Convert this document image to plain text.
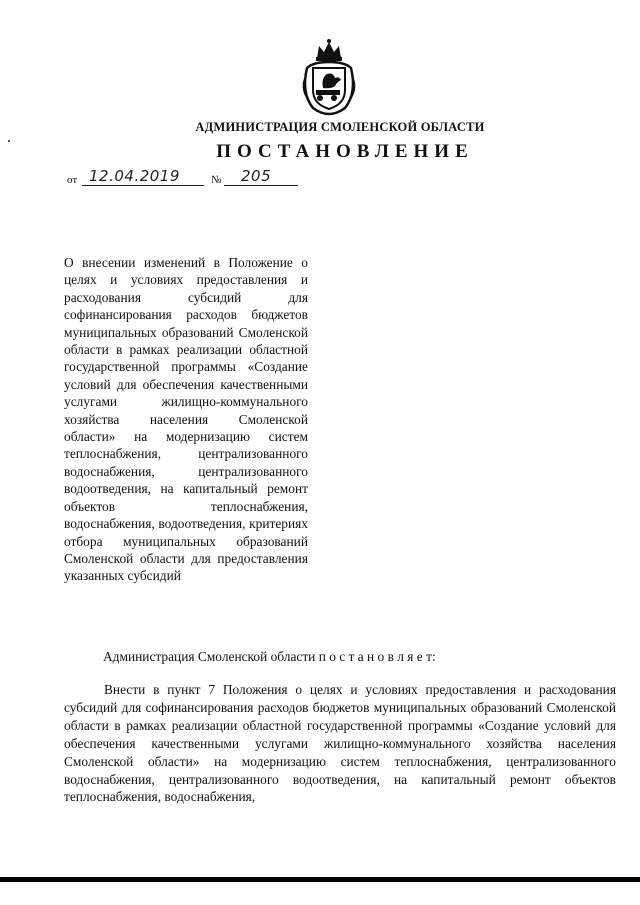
АДМИНИСТРАЦИЯ СМОЛЕНСКОЙ ОБЛАСТИ
ПОСТАНОВЛЕНИЕ
от 12.04.2019	№ 205
О внесении изменений в Положение о целях и условиях предоставления и расходования субсидий для софинансирования расходов бюджетов муниципальных образований Смоленской области в рамках реализации областной государственной программы «Создание условий для обеспечения качественными услугами жилищно-коммунального хозяйства населения Смоленской области» на модернизацию систем теплоснабжения, централизованного водоснабжения, централизованного водоотведения, на капитальный ремонт объектов теплоснабжения, водоснабжения, водоотведения, критериях отбора муниципальных образований Смоленской области для предоставления указанных субсидий
Администрация Смоленской области п о с т а н о в л я е т:
Внести в пункт 7 Положения о целях и условиях предоставления и расходования субсидий для софинансирования расходов бюджетов муниципальных образований Смоленской области в рамках реализации областной государственной программы «Создание условий для обеспечения качественными услугами жилищно-коммунального хозяйства населения Смоленской области» на модернизацию систем теплоснабжения, централизованного водоснабжения, централизованного водоотведения, на капитальный ремонт объектов теплоснабжения, водоснабжения,
